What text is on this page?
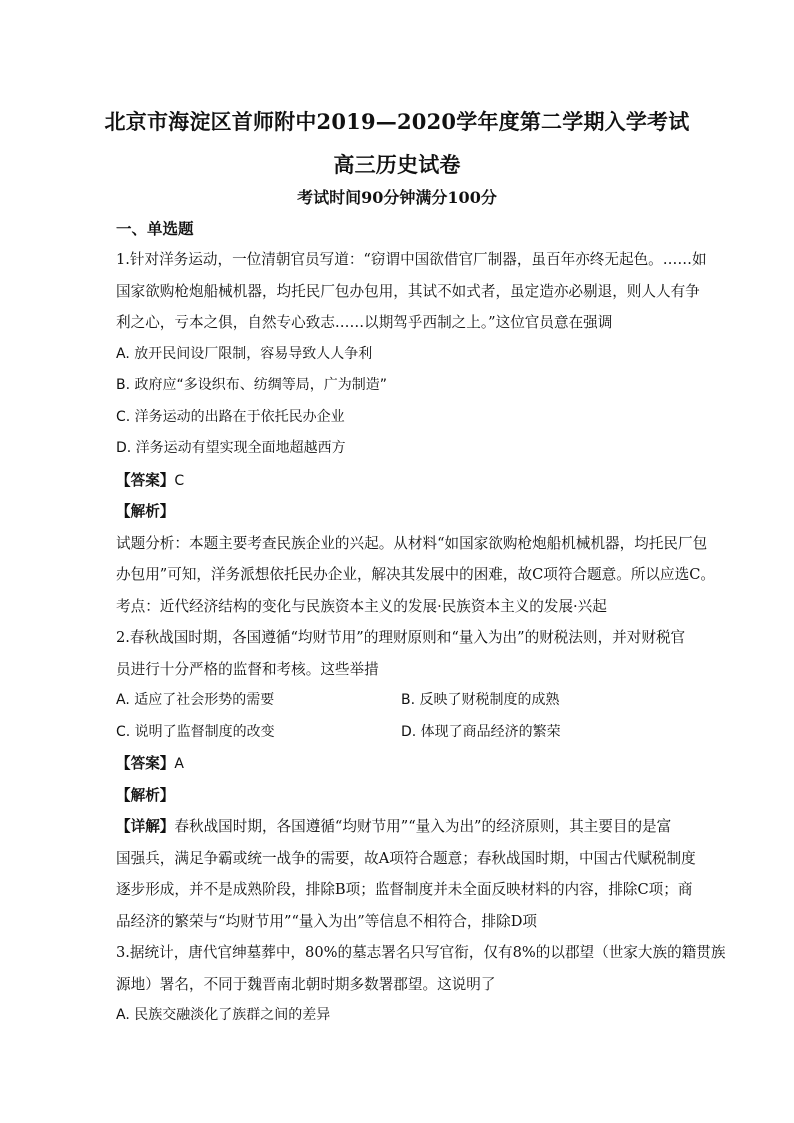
北京市海淀区首师附中2019—2020学年度第二学期入学考试
高三历史试卷
考试时间90分钟满分100分
一、单选题
1.针对洋务运动，一位清朝官员写道：“窃谓中国欲借官厂制器，虽百年亦终无起色。……如
国家欲购枪炮船械机器，均托民厂包办包用，其试不如式者，虽定造亦必剔退，则人人有争
利之心，亏本之俱，自然专心致志……以期驾乎西制之上。”这位官员意在强调
A. 放开民间设厂限制，容易导致人人争利
B. 政府应“多设织布、纺绸等局，广为制造”
C. 洋务运动的出路在于依托民办企业
D. 洋务运动有望实现全面地超越西方
【答案】C
【解析】
试题分析：本题主要考查民族企业的兴起。从材料“如国家欲购枪炮船机械机器，均托民厂包
办包用”可知，洋务派想依托民办企业，解决其发展中的困难，故C项符合题意。所以应选C。
考点：近代经济结构的变化与民族资本主义的发展·民族资本主义的发展·兴起
2.春秋战国时期，各国遵循“均财节用”的理财原则和“量入为出”的财税法则，并对财税官
员进行十分严格的监督和考核。这些举措
A. 适应了社会形势的需要	B. 反映了财税制度的成熟
C. 说明了监督制度的改变	D. 体现了商品经济的繁荣
【答案】A
【解析】
【详解】春秋战国时期，各国遵循“均财节用”“量入为出”的经济原则，其主要目的是富
国强兵，满足争霸或统一战争的需要，故A项符合题意；春秋战国时期，中国古代赋税制度
逐步形成，并不是成熟阶段，排除B项；监督制度并未全面反映材料的内容，排除C项；商
品经济的繁荣与“均财节用”“量入为出”等信息不相符合，排除D项
3.据统计，唐代官绅墓葬中，80%的墓志署名只写官衔，仅有8%的以郡望（世家大族的籍贯族
源地）署名，不同于魏晋南北朝时期多数署郡望。这说明了
A. 民族交融淡化了族群之间的差异
